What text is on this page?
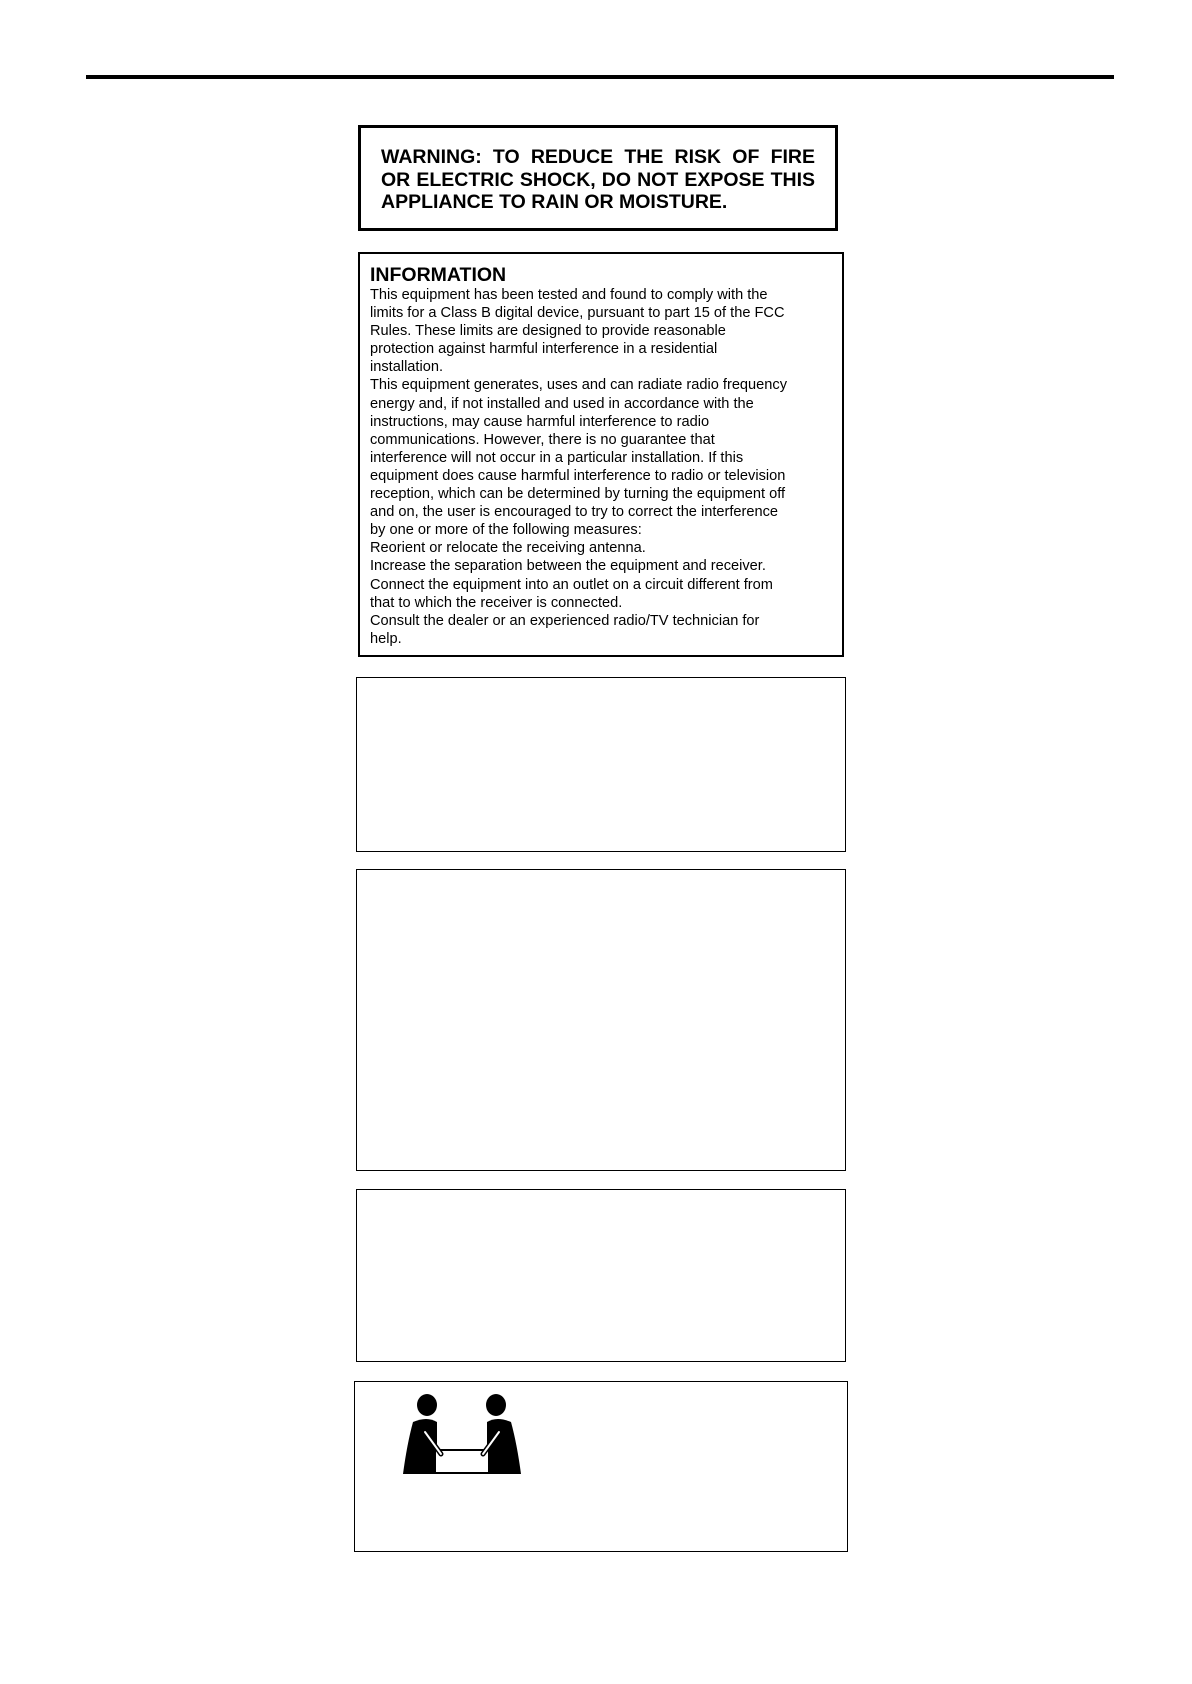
WARNING: TO REDUCE THE RISK OF FIRE OR ELECTRIC SHOCK, DO NOT EXPOSE THIS APPLIANCE TO RAIN OR MOISTURE.

INFORMATION

This equipment has been tested and found to comply with the

limits for a Class B digital device, pursuant to part 15 of the FCC

Rules. These limits are designed to provide reasonable

protection against harmful interference in a residential

installation.

This equipment generates, uses and can radiate radio frequency

energy and, if not installed and used in accordance with the

instructions, may cause harmful interference to radio

communications. However, there is no guarantee that

interference will not occur in a particular installation. If this

equipment does cause harmful interference to radio or television

reception, which can be determined by turning the equipment off

and on, the user is encouraged to try to correct the interference

by one or more of the following measures:

Reorient or relocate the receiving antenna.

Increase the separation between the equipment and receiver.

Connect the equipment into an outlet on a circuit different from

that to which the receiver is connected.

Consult the dealer or an experienced radio/TV technician for

help.
